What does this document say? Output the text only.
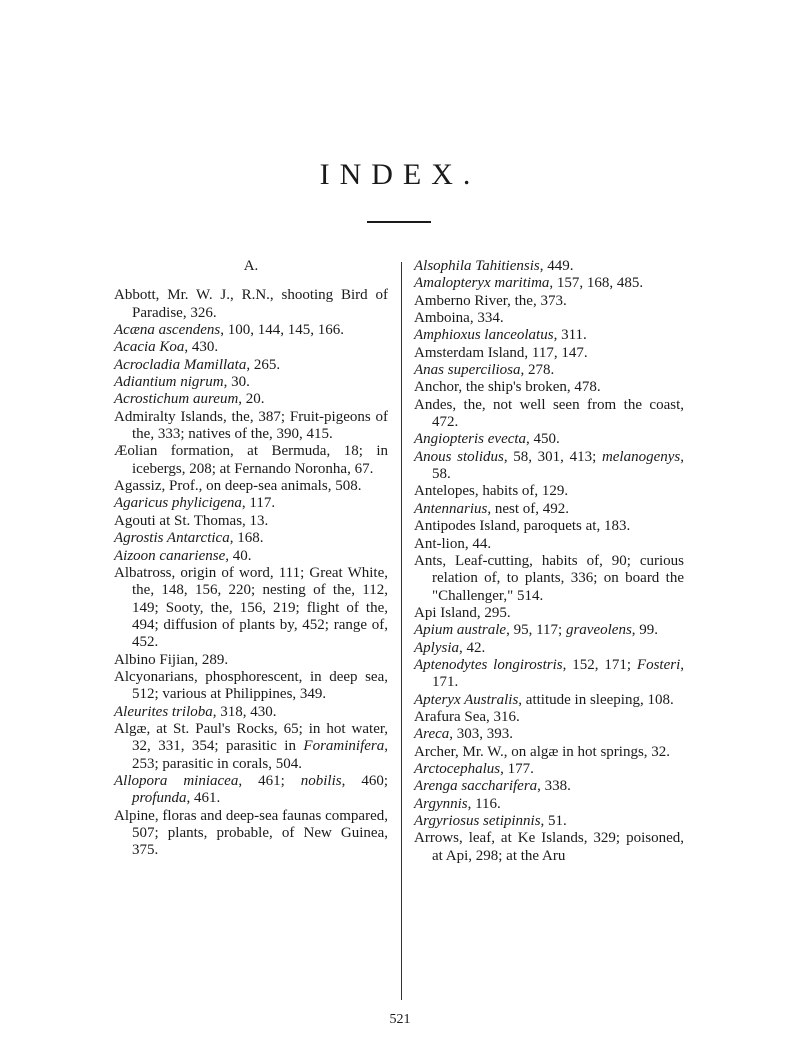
INDEX.
A.
Abbott, Mr. W. J., R.N., shooting Bird of Paradise, 326.
Acæna ascendens, 100, 144, 145, 166.
Acacia Koa, 430.
Acrocladia Mamillata, 265.
Adiantium nigrum, 30.
Acrostichum aureum, 20.
Admiralty Islands, the, 387; Fruit-pigeons of the, 333; natives of the, 390, 415.
Æolian formation, at Bermuda, 18; in icebergs, 208; at Fernando Noronha, 67.
Agassiz, Prof., on deep-sea animals, 508.
Agaricus phylicigena, 117.
Agouti at St. Thomas, 13.
Agrostis Antarctica, 168.
Aizoon canariense, 40.
Albatross, origin of word, 111; Great White, the, 148, 156, 220; nesting of the, 112, 149; Sooty, the, 156, 219; flight of the, 494; diffusion of plants by, 452; range of, 452.
Albino Fijian, 289.
Alcyonarians, phosphorescent, in deep sea, 512; various at Philippines, 349.
Aleurites triloba, 318, 430.
Algæ, at St. Paul's Rocks, 65; in hot water, 32, 331, 354; parasitic in Foraminifera, 253; parasitic in corals, 504.
Allopora miniacea, 461; nobilis, 460; profunda, 461.
Alpine, floras and deep-sea faunas compared, 507; plants, probable, of New Guinea, 375.
Alsophila Tahitiensis, 449.
Amalopteryx maritima, 157, 168, 485.
Amberno River, the, 373.
Amboina, 334.
Amphioxus lanceolatus, 311.
Amsterdam Island, 117, 147.
Anas superciliosa, 278.
Anchor, the ship's broken, 478.
Andes, the, not well seen from the coast, 472.
Angiopteris evecta, 450.
Anous stolidus, 58, 301, 413; melanogenys, 58.
Antelopes, habits of, 129.
Antennarius, nest of, 492.
Antipodes Island, paroquets at, 183.
Ant-lion, 44.
Ants, Leaf-cutting, habits of, 90; curious relation of, to plants, 336; on board the "Challenger," 514.
Api Island, 295.
Apium australe, 95, 117; graveolens, 99.
Aplysia, 42.
Aptenodytes longirostris, 152, 171; Fosteri, 171.
Apteryx Australis, attitude in sleeping, 108.
Arafura Sea, 316.
Areca, 303, 393.
Archer, Mr. W., on algæ in hot springs, 32.
Arctocephalus, 177.
Arenga saccharifera, 338.
Argynnis, 116.
Argyriosus setipinnis, 51.
Arrows, leaf, at Ke Islands, 329; poisoned, at Api, 298; at the Aru
521
